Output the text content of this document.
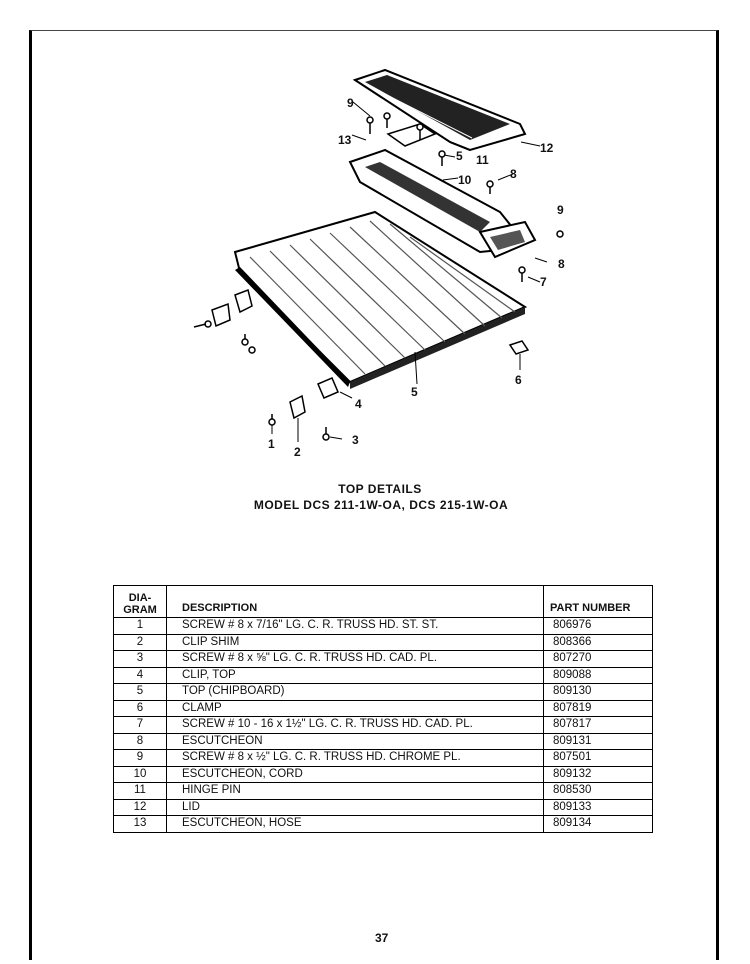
9
13
12
5 11
10	8
9
8
7
6
5
4
3
1
2
TOP DETAILS
MODEL DCS 211-1W-OA, DCS 215-1W-OA
DIA-
GRAM	DESCRIPTION	PART NUMBER
1	SCREW # 8 x 7/16" LG. C. R. TRUSS HD. ST. ST.	806976
2	CLIP SHIM	808366
3	SCREW # 8 x ⅝" LG. C. R. TRUSS HD. CAD. PL.	807270
4	CLIP, TOP	809088
5	TOP (CHIPBOARD)	809130
6	CLAMP	807819
7	SCREW # 10 - 16 x 1½" LG. C. R. TRUSS HD. CAD. PL.	807817
8	ESCUTCHEON	809131
9	SCREW # 8 x ½" LG. C. R. TRUSS HD. CHROME PL.	807501
10	ESCUTCHEON, CORD	809132
11	HINGE PIN	808530
12	LID	809133
13	ESCUTCHEON, HOSE	809134
37
